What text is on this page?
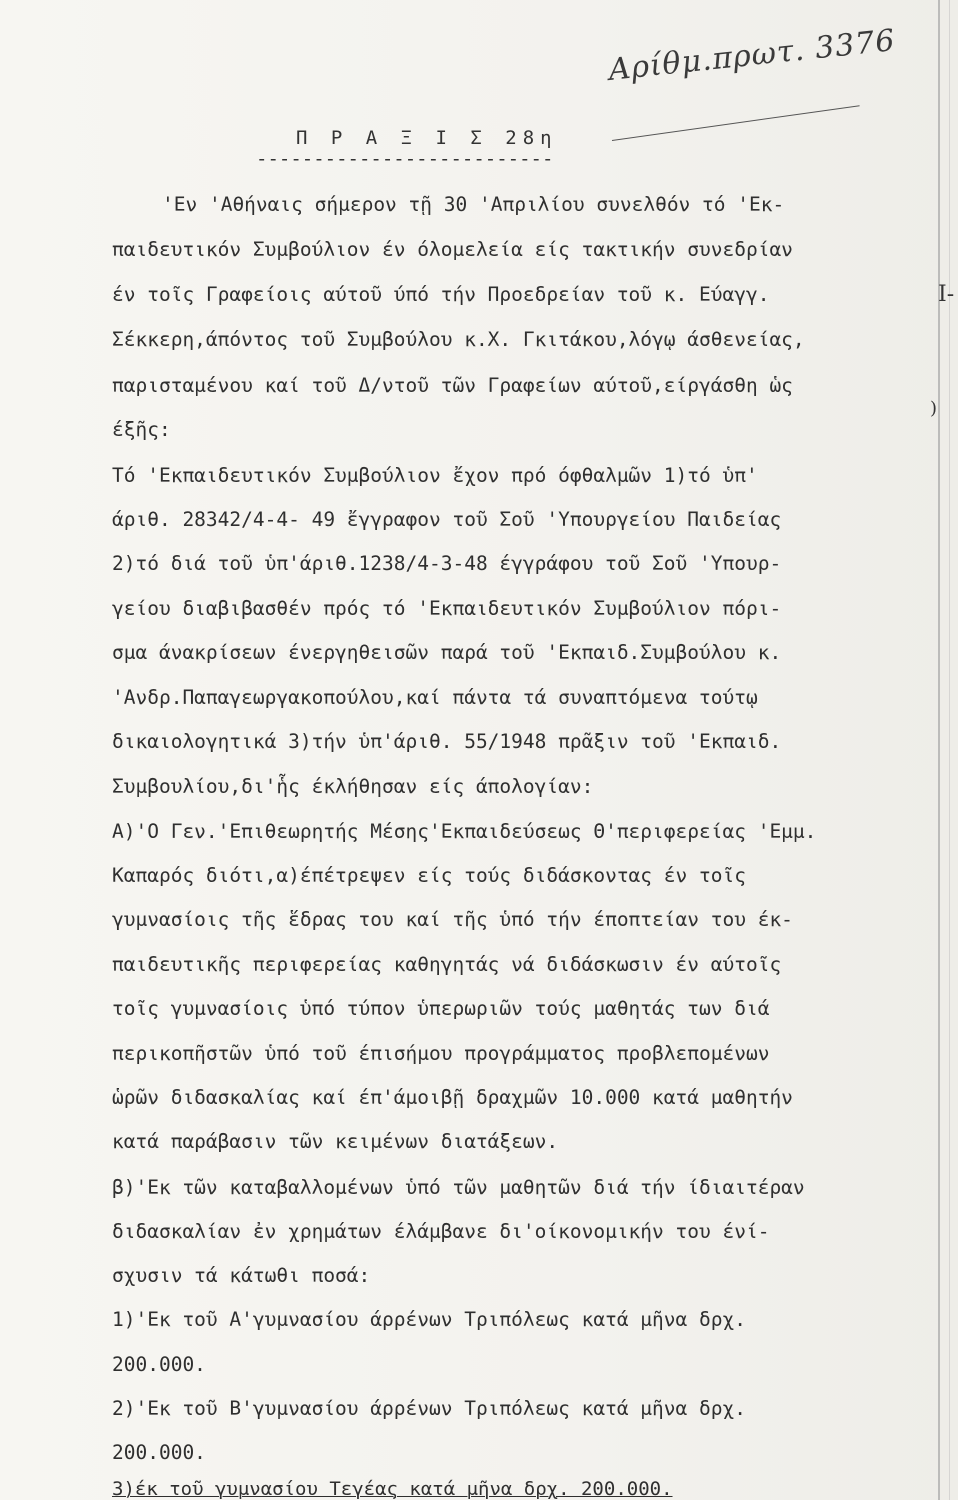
Αρίθμ.πρωτ. 3376
Π Ρ Α Ξ Ι Σ 28η
--------------------------
Ι-
)
'Εν 'Αθήναις σήμερον τῇ 30 'Απριλίου συνελθόν τό 'Εκ-
παιδευτικόν Συμβούλιον έν όλομελεία είς τακτικήν συνεδρίαν
έν τοῖς Γραφείοις αύτοῦ ύπό τήν Προεδρείαν τοῦ κ. Εύαγγ.
Σέκκερη,άπόντος τοῦ Συμβούλου κ.Χ. Γκιτάκου,λόγῳ άσθενείας,
παρισταμένου καί τοῦ Δ/ντοῦ τῶν Γραφείων αύτοῦ,είργάσθη ὡς
έξῆς:
Τό 'Εκπαιδευτικόν Συμβούλιον ἔχον πρό όφθαλμῶν 1)τό ὑπ'
άριθ. 28342/4-4- 49 ἔγγραφον τοῦ Σοῦ 'Υπουργείου Παιδείας
2)τό διά τοῦ ὑπ'άριθ.1238/4-3-48 έγγράφου τοῦ Σοῦ 'Υπουρ-
γείου διαβιβασθέν πρός τό 'Εκπαιδευτικόν Συμβούλιον πόρι-
σμα άνακρίσεων ένεργηθεισῶν παρά τοῦ 'Εκπαιδ.Συμβούλου κ.
'Ανδρ.Παπαγεωργακοπούλου,καί πάντα τά συναπτόμενα τούτῳ
δικαιολογητικά 3)τήν ὑπ'άριθ. 55/1948 πρᾶξιν τοῦ 'Εκπαιδ.
Συμβουλίου,δι'ἧς έκλήθησαν είς άπολογίαν:
Α)'Ο Γεν.'Επιθεωρητής Μέσης'Εκπαιδεύσεως Θ'περιφερείας 'Εμμ.
Καπαρός διότι,α)έπέτρεψεν είς τούς διδάσκοντας έν τοῖς
γυμνασίοις τῆς ἕδρας του καί τῆς ὑπό τήν έποπτείαν του έκ-
παιδευτικῆς περιφερείας καθηγητάς νά διδάσκωσιν έν αύτοῖς
τοῖς γυμνασίοις ὑπό τύπον ὑπερωριῶν τούς μαθητάς των διά
περικοπῆστῶν ὑπό τοῦ έπισήμου προγράμματος προβλεπομένων
ὡρῶν διδασκαλίας καί έπ'άμοιβῇ δραχμῶν 10.000 κατά μαθητήν
κατά παράβασιν τῶν κειμένων διατάξεων.
β)'Εκ τῶν καταβαλλομένων ὑπό τῶν μαθητῶν διά τήν ίδιαιτέραν
διδασκαλίαν ἐν χρημάτων έλάμβανε δι'οίκονομικήν του ένί-
σχυσιν τά κάτωθι ποσά:
1)'Εκ τοῦ Α'γυμνασίου άρρένων Τριπόλεως κατά μῆνα δρχ.
200.000.
2)'Εκ τοῦ Β'γυμνασίου άρρένων Τριπόλεως κατά μῆνα δρχ.
200.000.
3)έκ τοῦ γυμνασίου Τεγέας κατά μῆνα δρχ. 200.000.
